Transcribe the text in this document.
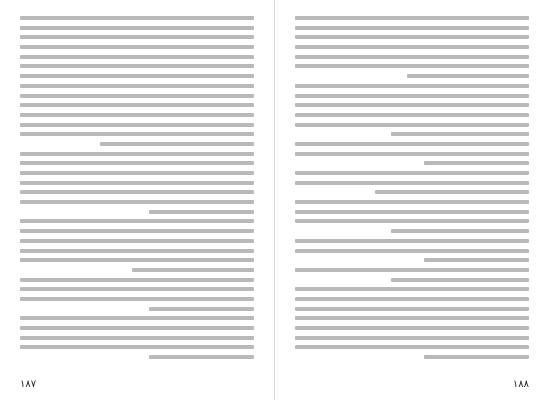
۱۸۷	۱۸۸
